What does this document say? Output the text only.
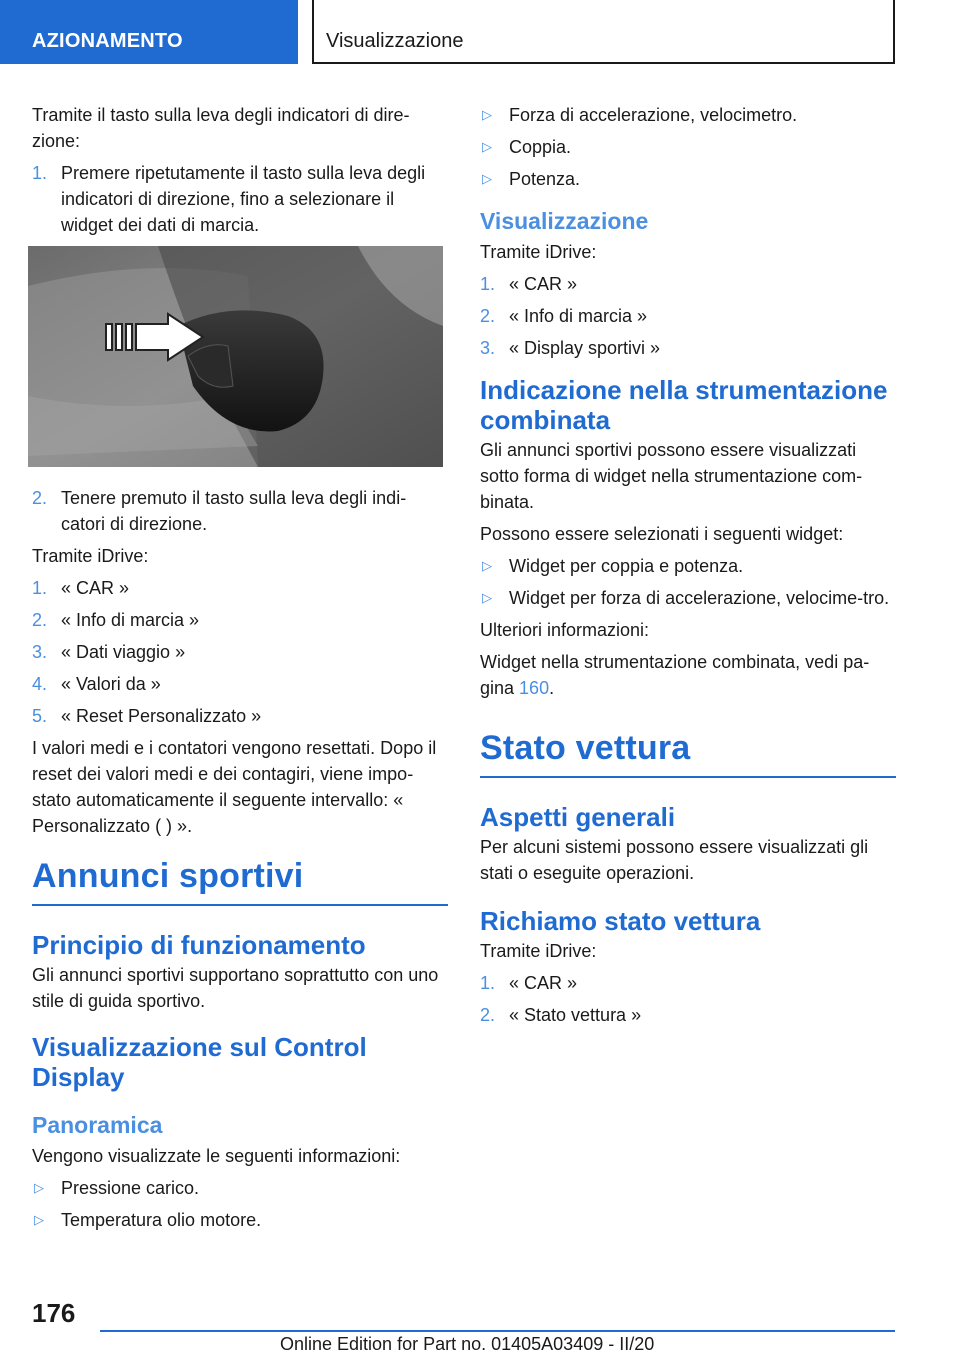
AZIONAMENTO	Visualizzazione

Tramite il tasto sulla leva degli indicatori di dire-zione:

1. Premere ripetutamente il tasto sulla leva degli indicatori di direzione, fino a selezionare il widget dei dati di marcia.
2. Tenere premuto il tasto sulla leva degli indi-catori di direzione.

Tramite iDrive:

1. « CAR »
2. « Info di marcia »
3. « Dati viaggio »
4. « Valori da »
5. « Reset Personalizzato »

I valori medi e i contatori vengono resettati. Dopo il reset dei valori medi e dei contagiri, viene impo-stato automaticamente il seguente intervallo: « Personalizzato ( ) ».

Annunci sportivi
Principio di funzionamento

Gli annunci sportivi supportano soprattutto con uno stile di guida sportivo.

Visualizzazione sul Control Display
Panoramica

Vengono visualizzate le seguenti informazioni:

▷ Pressione carico.
▷ Temperatura olio motore.
▷ Forza di accelerazione, velocimetro.
▷ Coppia.
▷ Potenza.
Visualizzazione

Tramite iDrive:

1. « CAR »
2. « Info di marcia »
3. « Display sportivi »
Indicazione nella strumentazione combinata

Gli annunci sportivi possono essere visualizzati sotto forma di widget nella strumentazione com-binata.

Possono essere selezionati i seguenti widget:

▷ Widget per coppia e potenza.
▷ Widget per forza di accelerazione, velocime-tro.

Ulteriori informazioni:

Widget nella strumentazione combinata, vedi pa-gina 160.

Stato vettura
Aspetti generali

Per alcuni sistemi possono essere visualizzati gli stati o eseguite operazioni.

Richiamo stato vettura

Tramite iDrive:

1. « CAR »
2. « Stato vettura »
176
Online Edition for Part no. 01405A03409 - II/20
